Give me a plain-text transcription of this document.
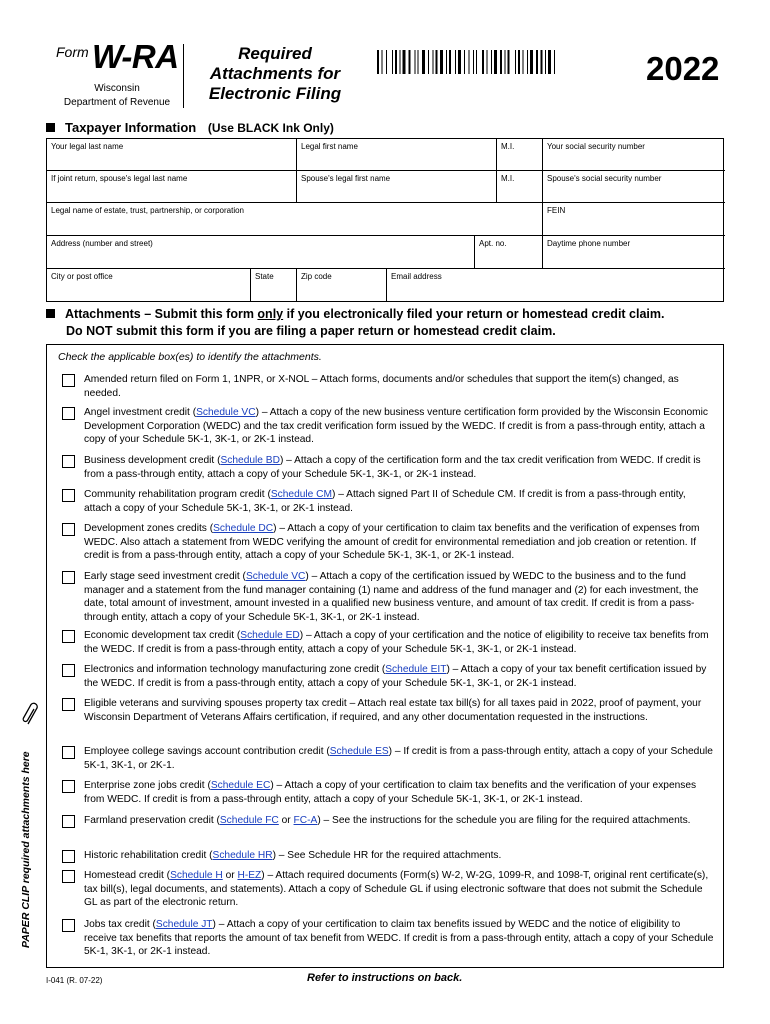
Form W-RA
Wisconsin
Department of Revenue
Required
Attachments for
Electronic Filing
2022
Taxpayer Information (Use BLACK Ink Only)
Your legal last name	Legal first name	M.I.	Your social security number
If joint return, spouse's legal last name	Spouse's legal first name	M.I.	Spouse's social security number
Legal name of estate, trust, partnership, or corporation	FEIN
Address (number and street)	Apt. no.	Daytime phone number
City or post office	State	Zip code	Email address
Attachments – Submit this form only if you electronically filed your return or homestead credit claim.
Do NOT submit this form if you are filing a paper return or homestead credit claim.
Check the applicable box(es) to identify the attachments.
Amended return filed on Form 1, 1NPR, or X-NOL – Attach forms, documents and/or schedules that support the item(s) changed, as needed.
Angel investment credit (Schedule VC) – Attach a copy of the new business venture certification form provided by the Wisconsin Economic Development Corporation (WEDC) and the tax credit verification form issued by the WEDC. If credit is from a pass-through entity, attach a copy of your Schedule 5K-1, 3K-1, or 2K-1 instead.
Business development credit (Schedule BD) – Attach a copy of the certification form and the tax credit verification from WEDC. If credit is from a pass-through entity, attach a copy of your Schedule 5K-1, 3K-1, or 2K-1 instead.
Community rehabilitation program credit (Schedule CM) – Attach signed Part II of Schedule CM. If credit is from a pass-through entity, attach a copy of your Schedule 5K-1, 3K-1, or 2K-1 instead.
Development zones credits (Schedule DC) – Attach a copy of your certification to claim tax benefits and the verification of expenses from WEDC. Also attach a statement from WEDC verifying the amount of credit for environmental remediation and job creation or retention. If credit is from a pass-through entity, attach a copy of your Schedule 5K-1, 3K-1, or 2K-1 instead.
Early stage seed investment credit (Schedule VC) – Attach a copy of the certification issued by WEDC to the business and to the fund manager and a statement from the fund manager containing (1) name and address of the fund manager and (2) for each investment, the date, total amount of investment, amount invested in a qualified new business venture, and amount of tax credit. If credit is from a pass-through entity, attach a copy of your Schedule 5K-1, 3K-1, or 2K-1 instead.
Economic development tax credit (Schedule ED) – Attach a copy of your certification and the notice of eligibility to receive tax benefits from the WEDC. If credit is from a pass-through entity, attach a copy of your Schedule 5K-1, 3K-1, or 2K-1 instead.
Electronics and information technology manufacturing zone credit (Schedule EIT) – Attach a copy of your tax benefit certification issued by the WEDC. If credit is from a pass-through entity, attach a copy of your Schedule 5K-1, 3K-1, or 2K-1 instead.
Eligible veterans and surviving spouses property tax credit – Attach real estate tax bill(s) for all taxes paid in 2022, proof of payment, your Wisconsin Department of Veterans Affairs certification, if required, and any other documentation requested in the instructions.
Employee college savings account contribution credit (Schedule ES) – If credit is from a pass-through entity, attach a copy of your Schedule 5K-1, 3K-1, or 2K-1.
Enterprise zone jobs credit (Schedule EC) – Attach a copy of your certification to claim tax benefits and the verification of your expenses from WEDC. If credit is from a pass-through entity, attach a copy of your Schedule 5K-1, 3K-1, or 2K-1 instead.
Farmland preservation credit (Schedule FC or FC-A) – See the instructions for the schedule you are filing for the required attachments.
Historic rehabilitation credit (Schedule HR) – See Schedule HR for the required attachments.
Homestead credit (Schedule H or H-EZ) – Attach required documents (Form(s) W-2, W-2G, 1099-R, and 1098-T, original rent certificate(s), tax bill(s), legal documents, and statements). Attach a copy of Schedule GL if using electronic software that does not submit the Schedule GL as part of the electronic return.
Jobs tax credit (Schedule JT) – Attach a copy of your certification to claim tax benefits issued by WEDC and the notice of eligibility to receive tax benefits that reports the amount of tax benefit from WEDC. If credit is from a pass-through entity, attach a copy of your Schedule 5K-1, 3K-1, or 2K-1 instead.
PAPER CLIP required attachments here
I-041 (R. 07-22)	Refer to instructions on back.
